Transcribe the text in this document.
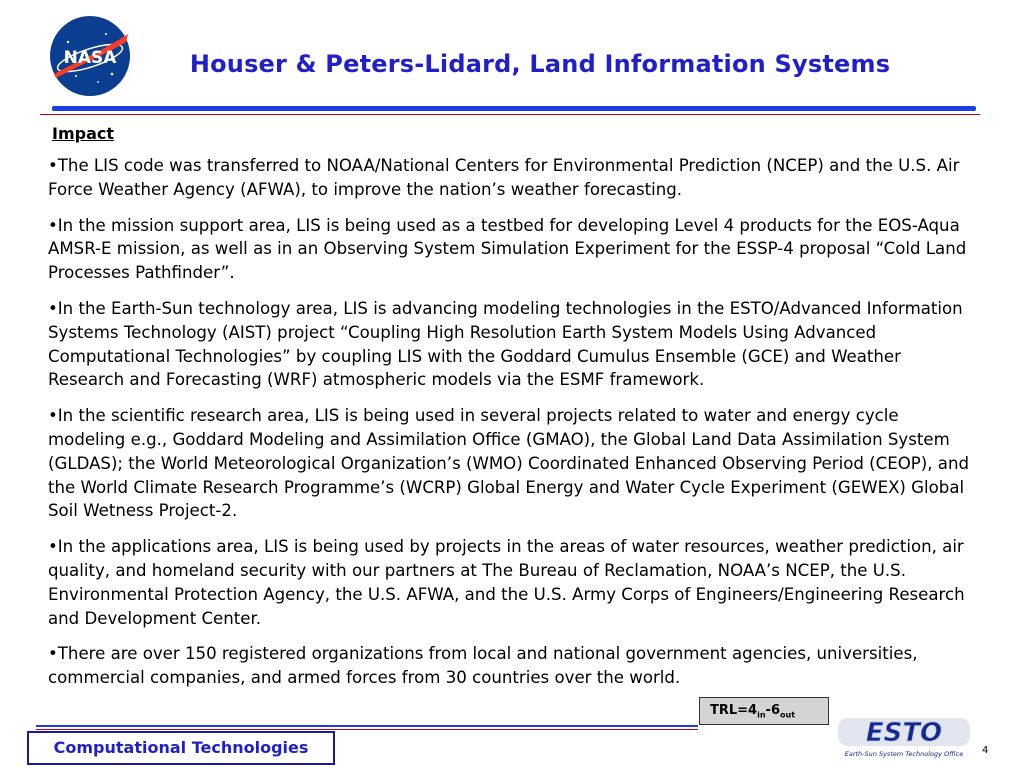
NASA	Houser & Peters-Lidard, Land Information Systems
Impact

•The LIS code was transferred to NOAA/National Centers for Environmental Prediction (NCEP) and the U.S. Air Force Weather Agency (AFWA), to improve the nation’s weather forecasting.

•In the mission support area, LIS is being used as a testbed for developing Level 4 products for the EOS-Aqua AMSR-E mission, as well as in an Observing System Simulation Experiment for the ESSP-4 proposal “Cold Land Processes Pathfinder”.

•In the Earth-Sun technology area, LIS is advancing modeling technologies in the ESTO/Advanced Information Systems Technology (AIST) project “Coupling High Resolution Earth System Models Using Advanced Computational Technologies” by coupling LIS with the Goddard Cumulus Ensemble (GCE) and Weather Research and Forecasting (WRF) atmospheric models via the ESMF framework.

•In the scientific research area, LIS is being used in several projects related to water and energy cycle modeling e.g., Goddard Modeling and Assimilation Office (GMAO), the Global Land Data Assimilation System (GLDAS); the World Meteorological Organization’s (WMO) Coordinated Enhanced Observing Period (CEOP), and the World Climate Research Programme’s (WCRP) Global Energy and Water Cycle Experiment (GEWEX) Global Soil Wetness Project-2.

•In the applications area, LIS is being used by projects in the areas of water resources, weather prediction, air quality, and homeland security with our partners at The Bureau of Reclamation, NOAA’s NCEP, the U.S. Environmental Protection Agency, the U.S. AFWA, and the U.S. Army Corps of Engineers/Engineering Research and Development Center.

•There are over 150 registered organizations from local and national government agencies, universities, commercial companies, and armed forces from 30 countries over the world.

$TRL=4_{in}-6_{out}$
Computational Technologies	ESTO
Earth-Sun System Technology Office 4
